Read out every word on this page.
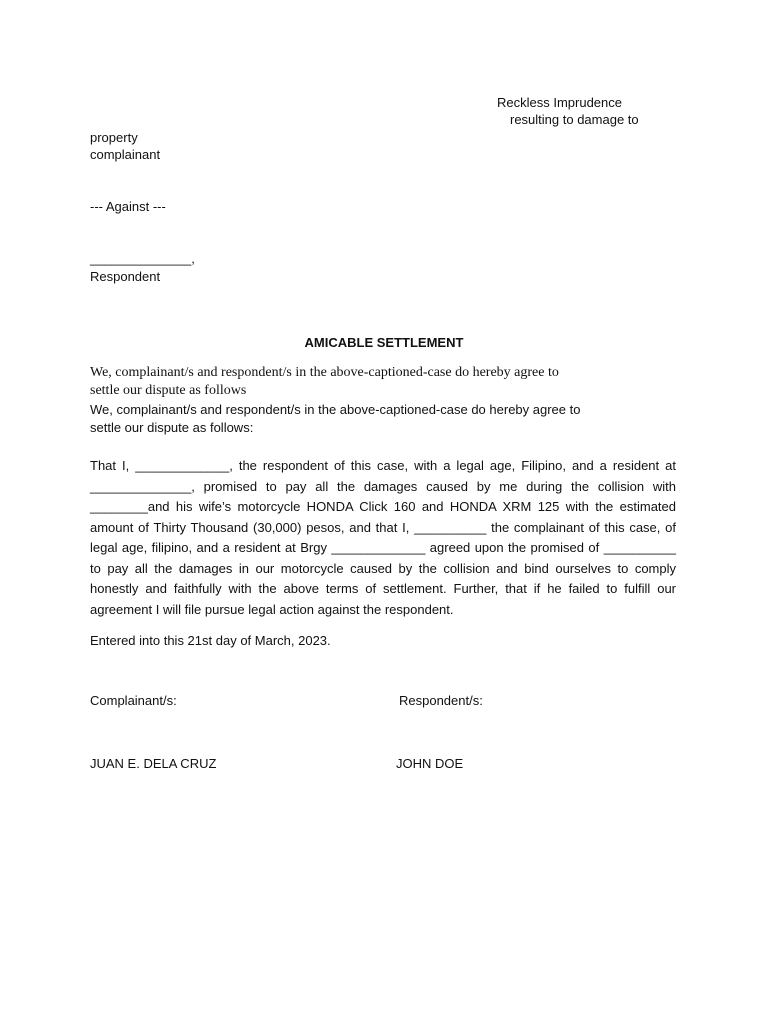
Reckless Imprudence
resulting to damage to
property
complainant
--- Against ---
______________,
Respondent
AMICABLE SETTLEMENT
We, complainant/s and respondent/s in the above-captioned-case do hereby agree to
settle our dispute as follows
We, complainant/s and respondent/s in the above-captioned-case do hereby agree to
settle our dispute as follows:
That I, _____________, the respondent of this case, with a legal age, Filipino, and a resident at ______________, promised to pay all the damages caused by me during the collision with ________and his wife’s motorcycle HONDA Click 160 and HONDA XRM 125 with the estimated amount of Thirty Thousand (30,000) pesos, and that I, __________ the complainant of this case, of legal age, filipino, and a resident at Brgy _____________ agreed upon the promised of __________ to pay all the damages in our motorcycle caused by the collision and bind ourselves to comply honestly and faithfully with the above terms of settlement. Further, that if he failed to fulfill our agreement I will file pursue legal action against the respondent.
Entered into this 21st day of March, 2023.
Complainant/s:	Respondent/s:
JUAN E. DELA CRUZ	JOHN DOE
